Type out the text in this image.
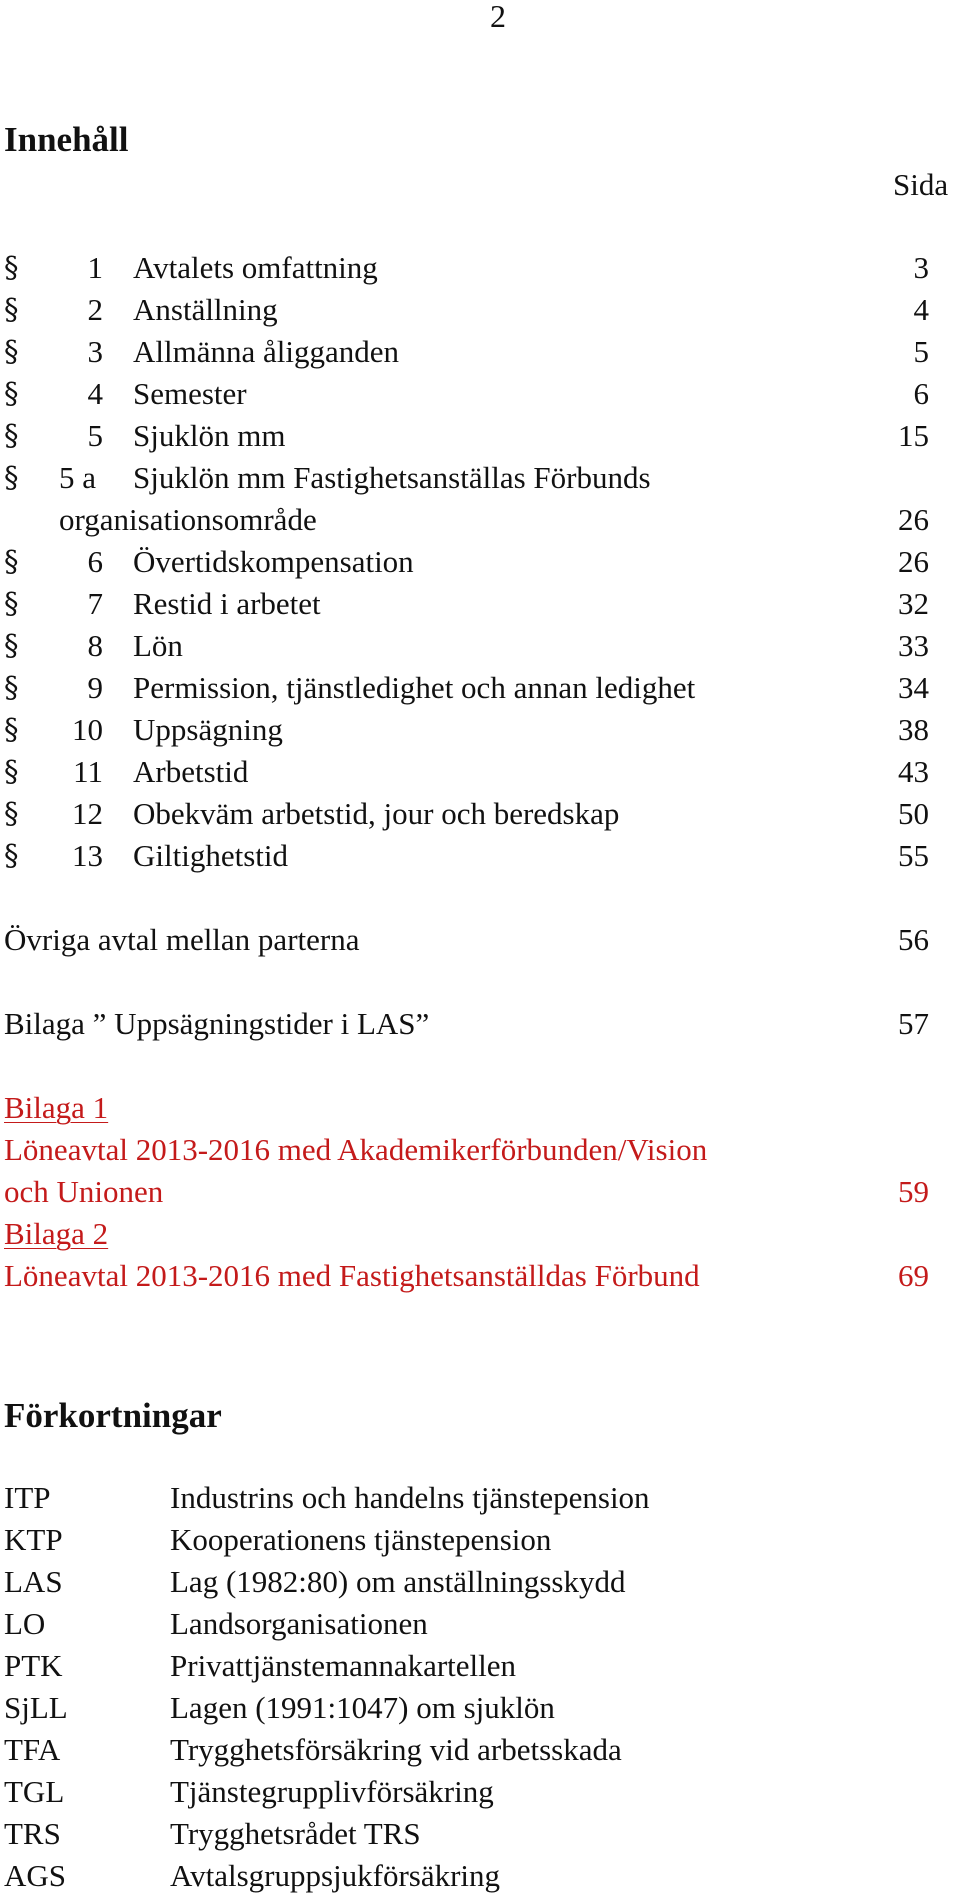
2
Innehåll
Sida
§	1 Avtalets omfattning	3
§	2 Anställning	4
§	3 Allmänna åligganden	5
§	4 Semester	6
§	5 Sjuklön mm	15
§ 5 a Sjuklön mm Fastighetsanställas Förbunds
organisationsområde	26
§	6 Övertidskompensation	26
§	7 Restid i arbetet	32
§	8 Lön	33
§	9 Permission, tjänstledighet och annan ledighet	34
§	10 Uppsägning	38
§	11 Arbetstid	43
§	12 Obekväm arbetstid, jour och beredskap	50
§	13 Giltighetstid	55
Övriga avtal mellan parterna	56
Bilaga ” Uppsägningstider i LAS”	57
Bilaga 1
Löneavtal 2013-2016 med Akademikerförbunden/Vision
och Unionen	59
Bilaga 2
Löneavtal 2013-2016 med Fastighetsanställdas Förbund	69
Förkortningar
ITP	Industrins och handelns tjänstepension
KTP	Kooperationens tjänstepension
LAS	Lag (1982:80) om anställningsskydd
LO	Landsorganisationen
PTK	Privattjänstemannakartellen
SjLL	Lagen (1991:1047) om sjuklön
TFA	Trygghetsförsäkring vid arbetsskada
TGL	Tjänstegrupplivförsäkring
TRS	Trygghetsrådet TRS
AGS	Avtalsgruppsjukförsäkring
